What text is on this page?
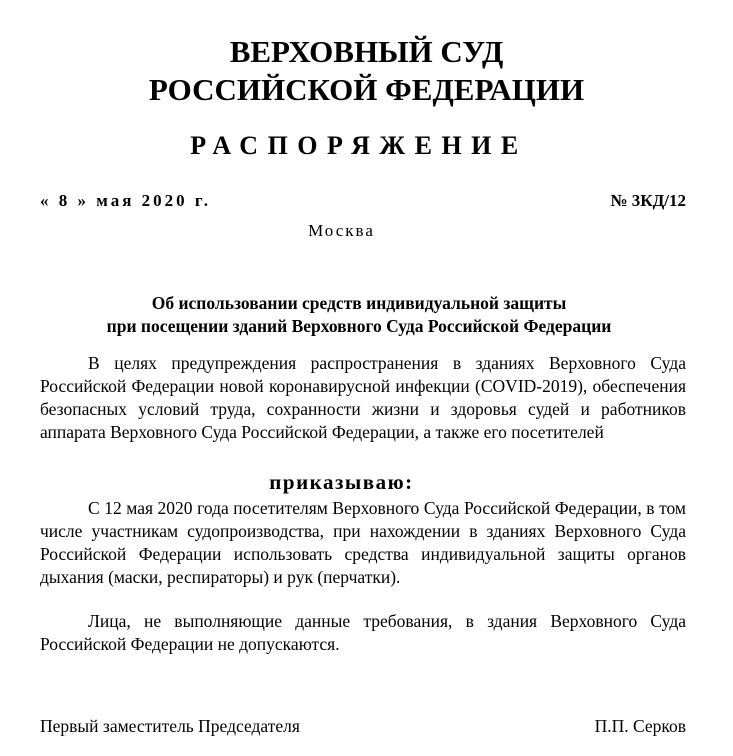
ВЕРХОВНЫЙ СУД
РОССИЙСКОЙ ФЕДЕРАЦИИ
РАСПОРЯЖЕНИЕ
« 8 » мая 2020 г.	№ 3КД/12
Москва
Об использовании средств индивидуальной защиты
при посещении зданий Верховного Суда Российской Федерации

В целях предупреждения распространения в зданиях Верховного Суда Российской Федерации новой коронавирусной инфекции (COVID-2019), обеспечения безопасных условий труда, сохранности жизни и здоровья судей и работников аппарата Верховного Суда Российской Федерации, а также его посетителей

приказываю:

С 12 мая 2020 года посетителям Верховного Суда Российской Федерации, в том числе участникам судопроизводства, при нахождении в зданиях Верховного Суда Российской Федерации использовать средства индивидуальной защиты органов дыхания (маски, респираторы) и рук (перчатки).

Лица, не выполняющие данные требования, в здания Верховного Суда Российской Федерации не допускаются.

Первый заместитель Председателя	П.П. Серков
